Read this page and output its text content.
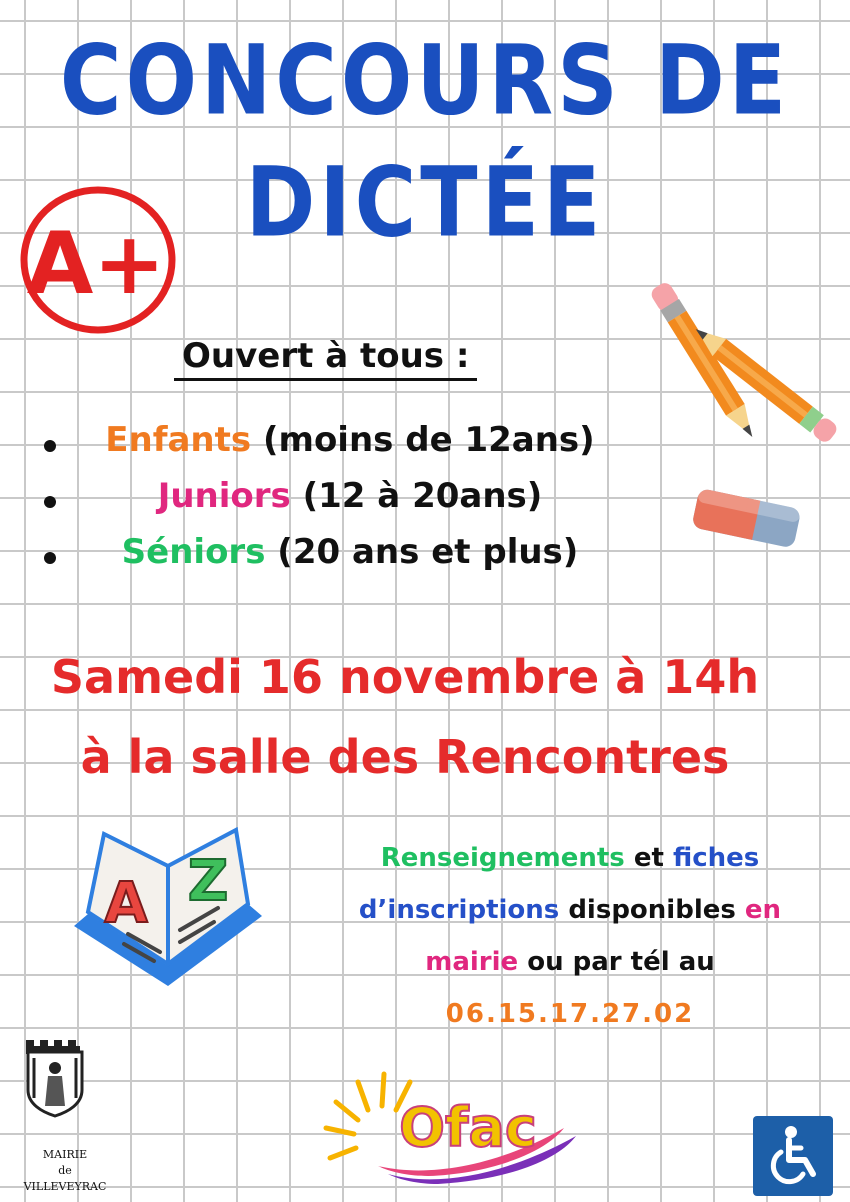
CONCOURS DE
DICTÉE
A+
Ouvert à tous :
Enfants (moins de 12ans)
Juniors (12 à 20ans)
Séniors (20 ans et plus)
Samedi 16 novembre à 14h
à la salle des Rencontres
A Z	Renseignements et fiches
d’inscriptions disponibles en
mairie ou par tél au
06.15.17.27.02
MAIRIE
de
VILLEVEYRAC
Ofac
